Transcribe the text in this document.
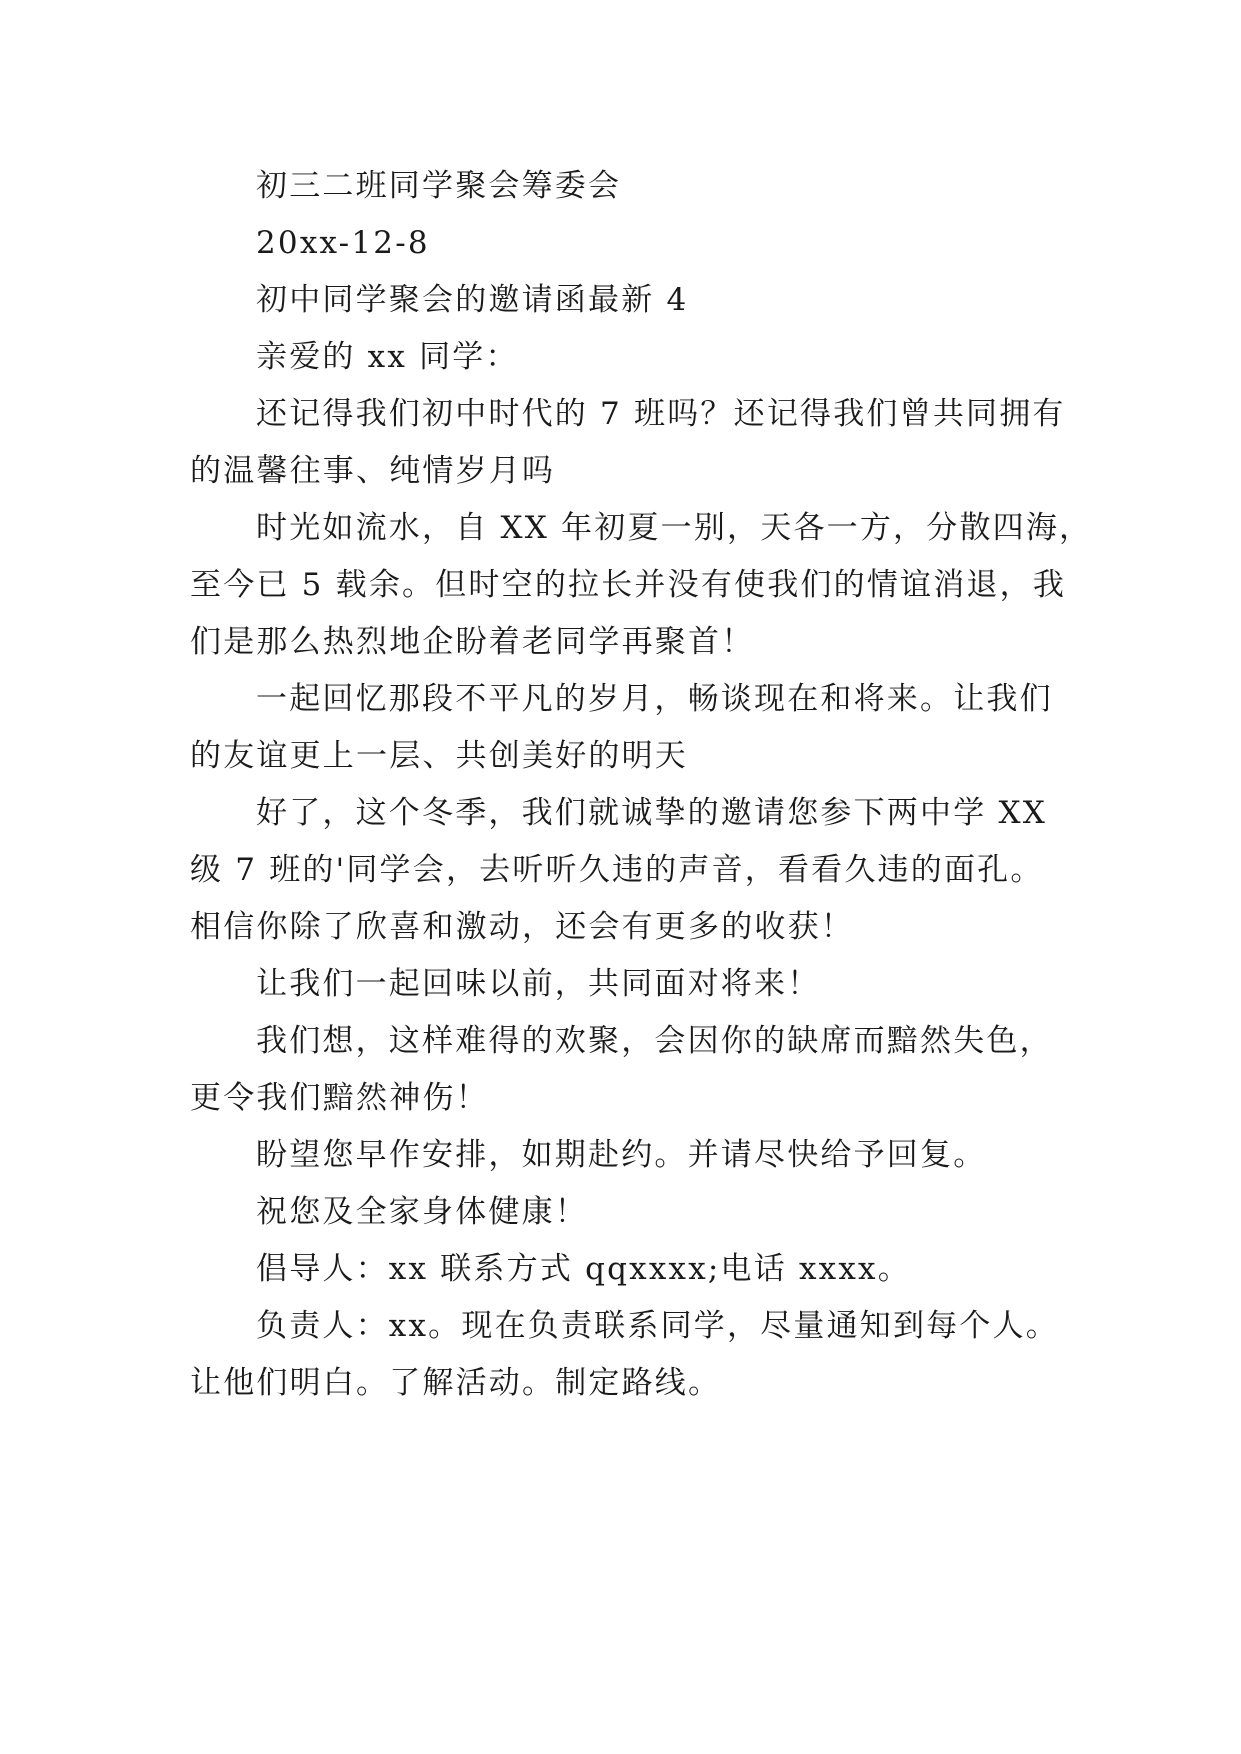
初三二班同学聚会筹委会

20xx-12-8

初中同学聚会的邀请函最新 4

亲爱的 xx 同学：

还记得我们初中时代的 7 班吗？还记得我们曾共同拥有

的温馨往事、纯情岁月吗

时光如流水，自 XX 年初夏一别，天各一方，分散四海，

至今已 5 载余。但时空的拉长并没有使我们的情谊消退，我

们是那么热烈地企盼着老同学再聚首！

一起回忆那段不平凡的岁月，畅谈现在和将来。让我们

的友谊更上一层、共创美好的明天

好了，这个冬季，我们就诚挚的邀请您参下两中学 XX

级 7 班的'同学会，去听听久违的声音，看看久违的面孔。

相信你除了欣喜和激动，还会有更多的收获！

让我们一起回味以前，共同面对将来！

我们想，这样难得的欢聚，会因你的缺席而黯然失色，

更令我们黯然神伤！

盼望您早作安排，如期赴约。并请尽快给予回复。

祝您及全家身体健康！

倡导人：xx 联系方式 qqxxxx;电话 xxxx。

负责人：xx。现在负责联系同学，尽量通知到每个人。

让他们明白。了解活动。制定路线。
